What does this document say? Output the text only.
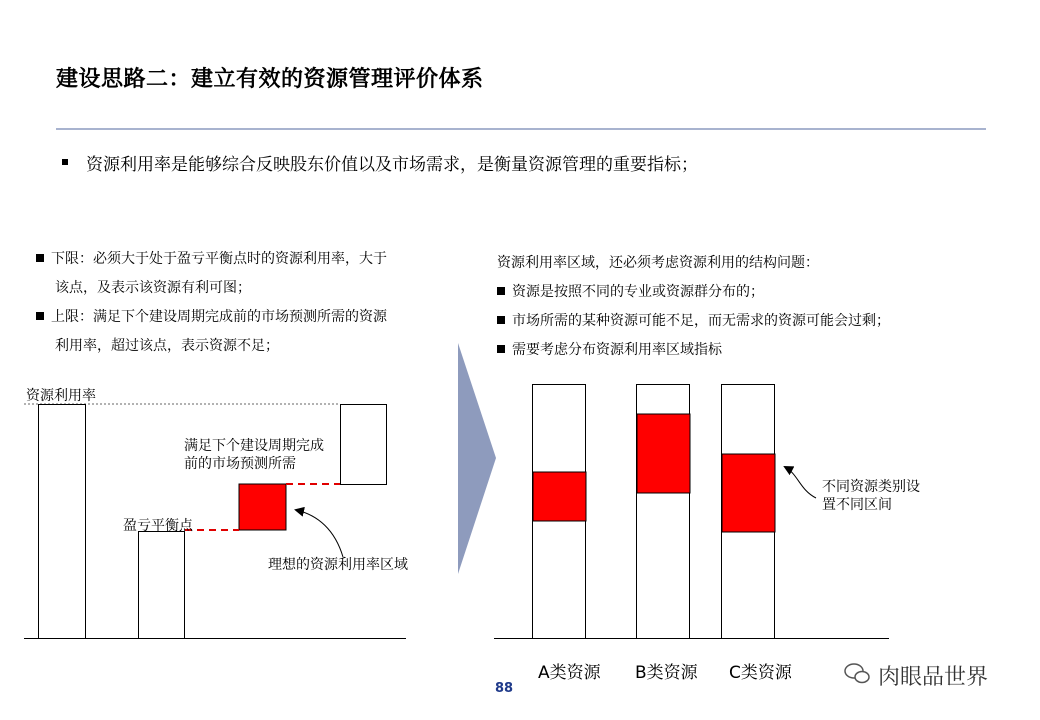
建设思路二：建立有效的资源管理评价体系
资源利用率是能够综合反映股东价值以及市场需求，是衡量资源管理的重要指标；
下限：必须大于处于盈亏平衡点时的资源利用率，大于
该点，及表示该资源有利可图；
上限：满足下个建设周期完成前的市场预测所需的资源
利用率，超过该点，表示资源不足；
资源利用率区域，还必须考虑资源利用的结构问题：
资源是按照不同的专业或资源群分布的；
市场所需的某种资源可能不足，而无需求的资源可能会过剩；
需要考虑分布资源利用率区域指标
资源利用率
满足下个建设周期完成
前的市场预测所需
盈亏平衡点
理想的资源利用率区域
A类资源 B类资源 C类资源
不同资源类别设
置不同区间
88	肉眼品世界
